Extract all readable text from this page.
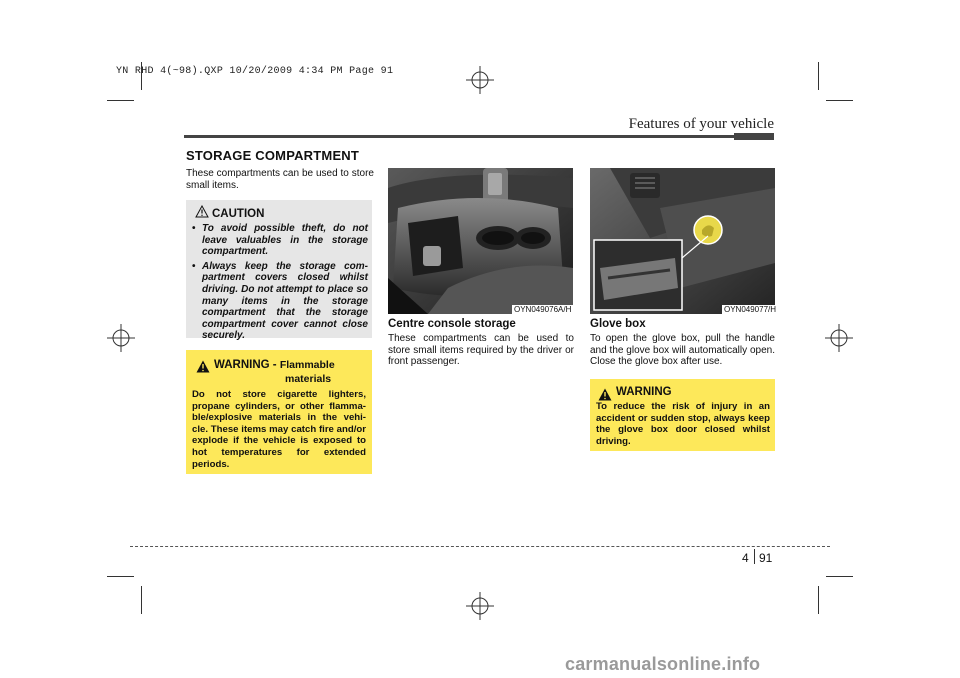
YN RHD 4(~98).QXP 10/20/2009 4:34 PM Page 91
Features of your vehicle
STORAGE COMPARTMENT
These compartments can be used to store small items.
CAUTION
• To avoid possible theft, do not leave valuables in the storage compartment.
• Always keep the storage com- partment covers closed whilst driving. Do not attempt to place so many items in the storage compartment that the storage compartment cover cannot close securely.
WARNING - Flammable
materials
Do not store cigarette lighters, propane cylinders, or other flamma- ble/explosive materials in the vehi- cle. These items may catch fire and/or explode if the vehicle is exposed to hot temperatures for extended periods.
OYN049076A/H	OYN049077/H
Centre console storage
These compartments can be used to store small items required by the driver or front passenger.
Glove box
To open the glove box, pull the handle and the glove box will automatically open. Close the glove box after use.
WARNING
To reduce the risk of injury in an accident or sudden stop, always keep the glove box door closed whilst driving.
4 91
carmanualsonline.info
